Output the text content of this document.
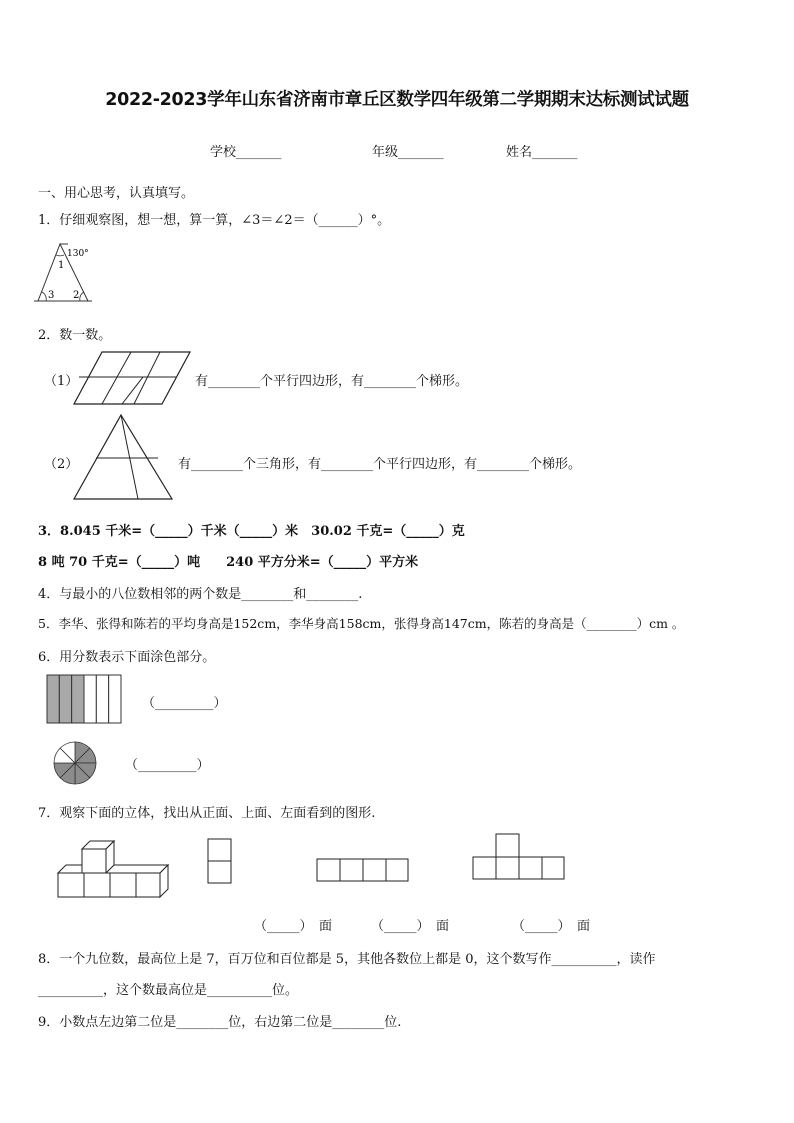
2022-2023学年山东省济南市章丘区数学四年级第二学期期末达标测试试题
学校_______	年级_______	姓名_______
一、用心思考，认真填写。
1．仔细观察图，想一想，算一算，∠3＝∠2＝（______）°。
130°
1
3 2
2．数一数。
（1）	有________个平行四边形，有________个梯形。
（2）	有________个三角形，有________个平行四边形，有________个梯形。
3．8.045 千米=（_____）千米（_____）米　30.02 千克=（_____）克
8 吨 70 千克=（_____）吨　　240 平方分米=（_____）平方米
4．与最小的八位数相邻的两个数是________和________.
5．李华、张得和陈若的平均身高是152cm，李华身高158cm，张得身高147cm，陈若的身高是（________）cm 。
6．用分数表示下面涂色部分。
（_________）
（_________）
7．观察下面的立体，找出从正面、上面、左面看到的图形.
（_____）　面	（_____）　面	（_____）　面
8．一个九位数，最高位上是 7，百万位和百位都是 5，其他各数位上都是 0，这个数写作__________，读作
__________，这个数最高位是__________位。
9．小数点左边第二位是________位，右边第二位是________位.
